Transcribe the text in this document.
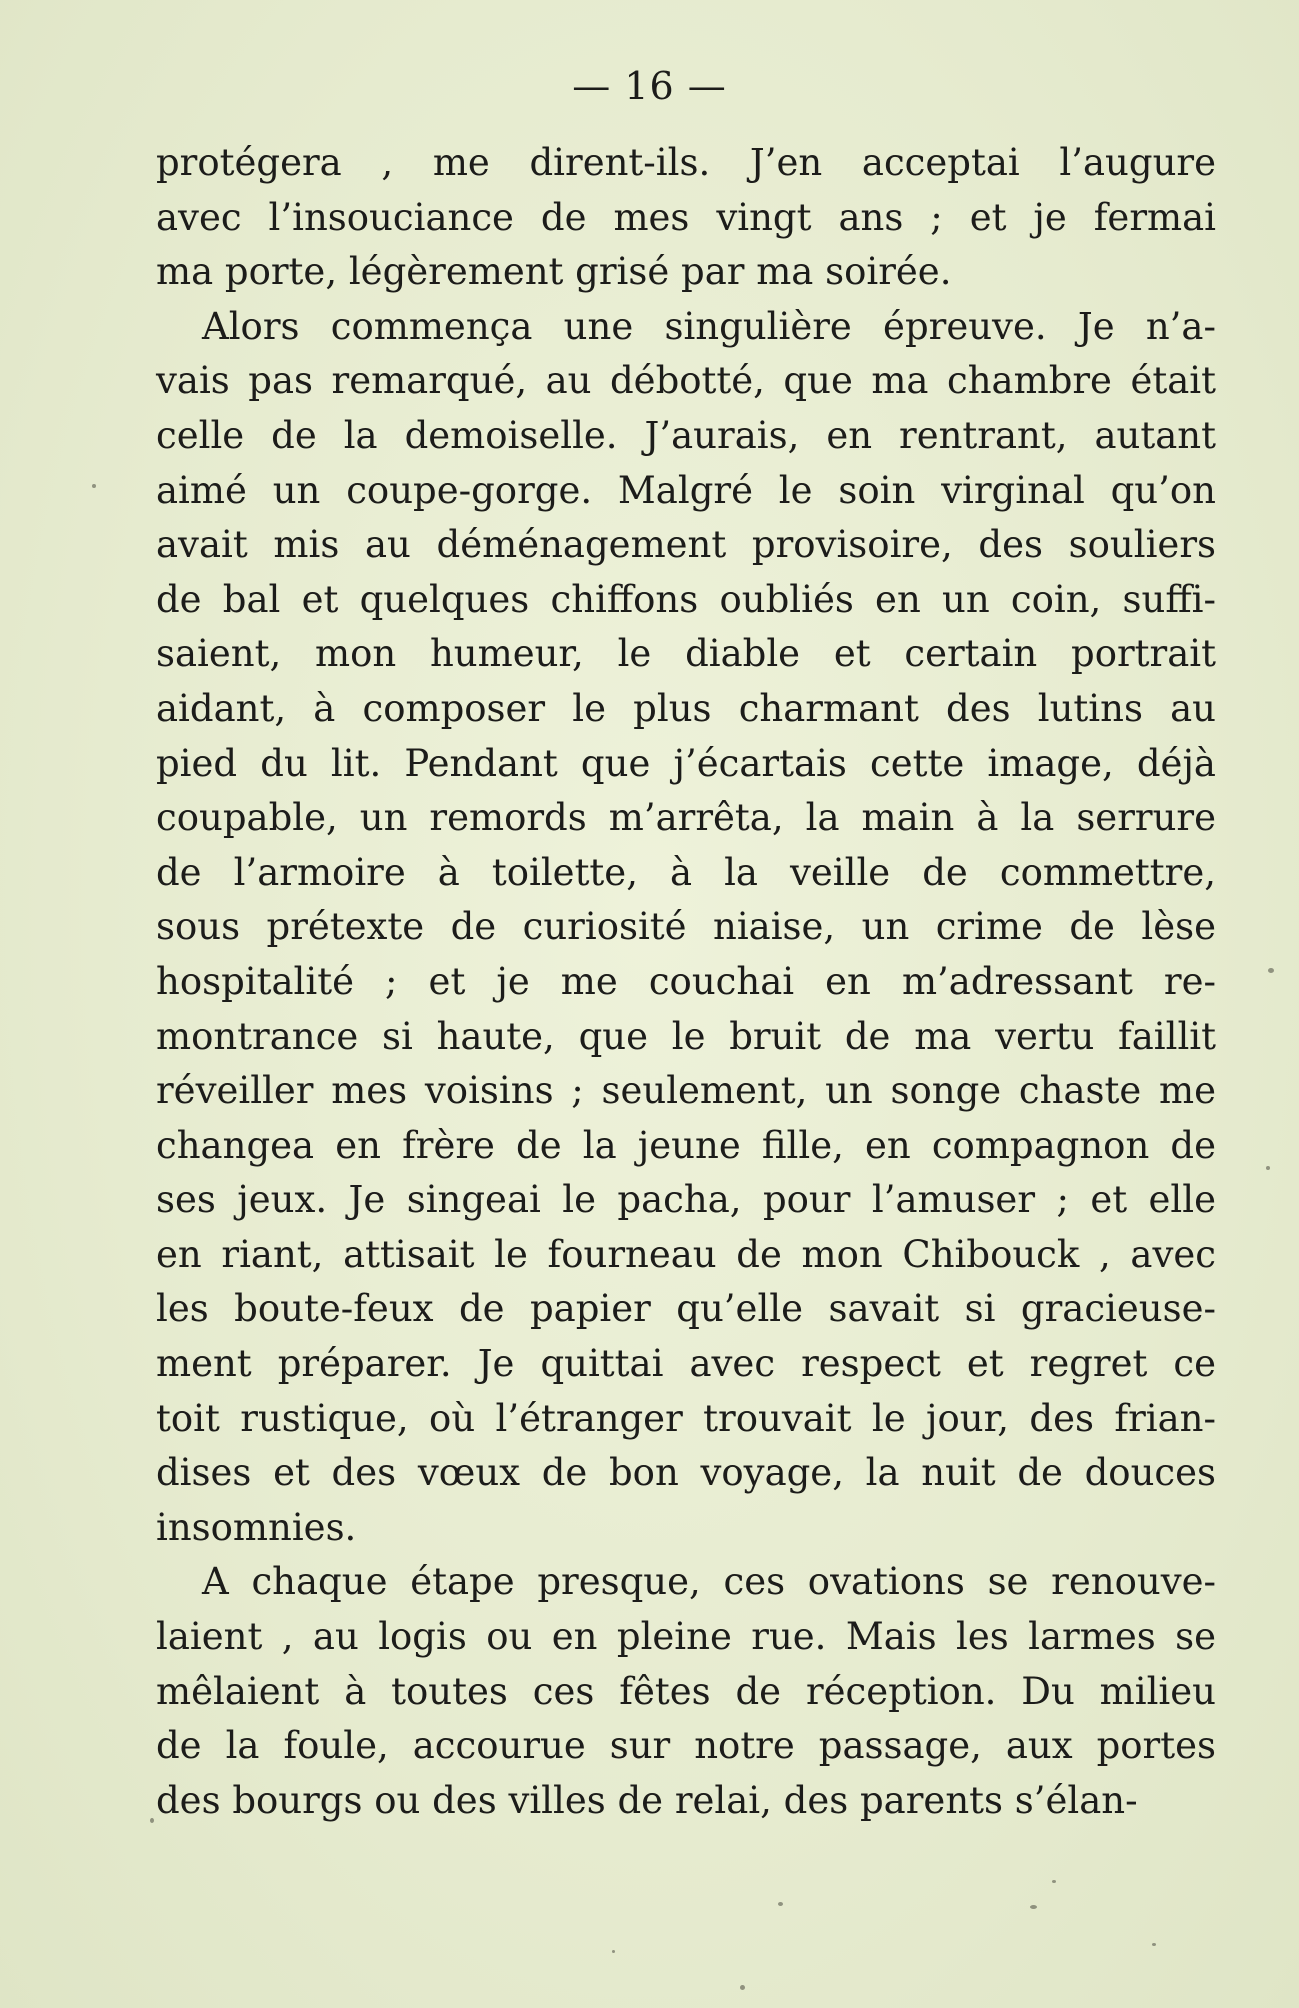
— 16 —
protégera , me dirent-ils. J’en acceptai l’augure
avec l’insouciance de mes vingt ans ; et je fermai
ma porte, légèrement grisé par ma soirée.
Alors commença une singulière épreuve. Je n’a-
vais pas remarqué, au débotté, que ma chambre était
celle de la demoiselle. J’aurais, en rentrant, autant
aimé un coupe-gorge. Malgré le soin virginal qu’on
avait mis au déménagement provisoire, des souliers
de bal et quelques chiffons oubliés en un coin, suffi-
saient, mon humeur, le diable et certain portrait
aidant, à composer le plus charmant des lutins au
pied du lit. Pendant que j’écartais cette image, déjà
coupable, un remords m’arrêta, la main à la serrure
de l’armoire à toilette, à la veille de commettre,
sous prétexte de curiosité niaise, un crime de lèse
hospitalité ; et je me couchai en m’adressant re-
montrance si haute, que le bruit de ma vertu faillit
réveiller mes voisins ; seulement, un songe chaste me
changea en frère de la jeune fille, en compagnon de
ses jeux. Je singeai le pacha, pour l’amuser ; et elle
en riant, attisait le fourneau de mon Chibouck , avec
les boute-feux de papier qu’elle savait si gracieuse-
ment préparer. Je quittai avec respect et regret ce
toit rustique, où l’étranger trouvait le jour, des frian-
dises et des vœux de bon voyage, la nuit de douces
insomnies.
A chaque étape presque, ces ovations se renouve-
laient , au logis ou en pleine rue. Mais les larmes se
mêlaient à toutes ces fêtes de réception. Du milieu
de la foule, accourue sur notre passage, aux portes
des bourgs ou des villes de relai, des parents s’élan-
